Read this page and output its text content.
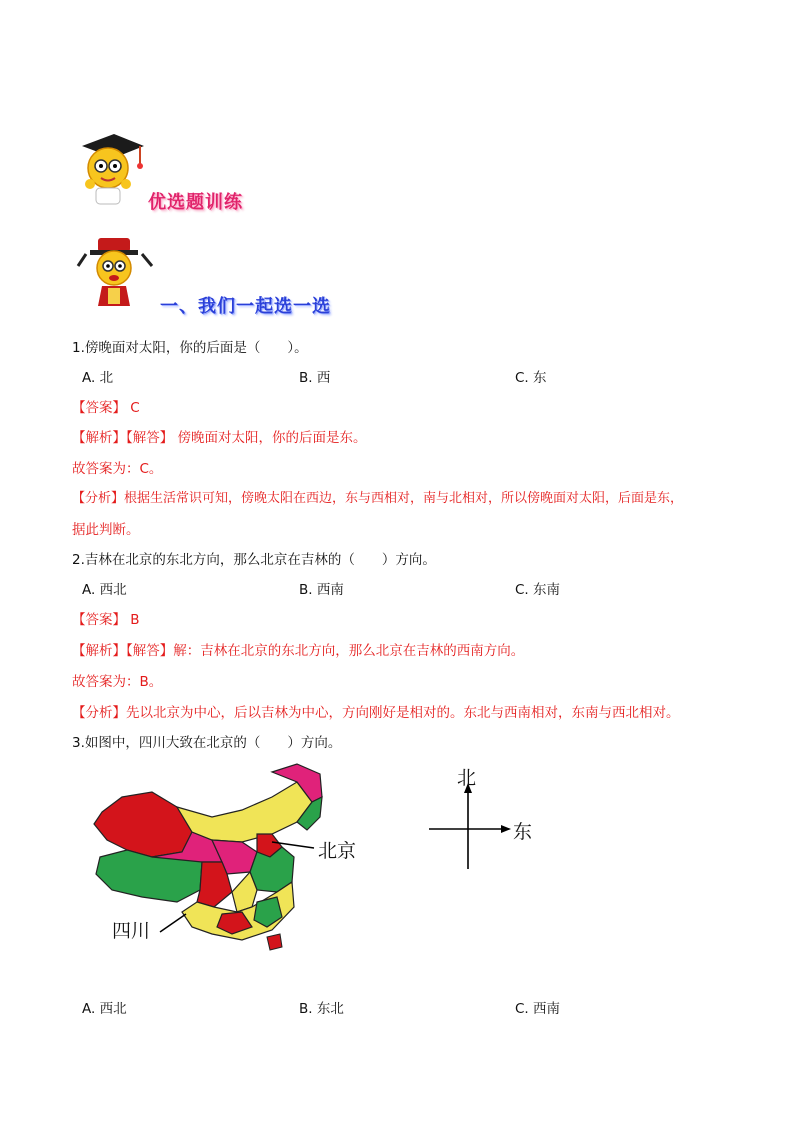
优选题训练
一、我们一起选一选
1.傍晚面对太阳，你的后面是（　　）。
A. 北	B. 西	C. 东
【答案】 C
【解析】【解答】 傍晚面对太阳，你的后面是东。
故答案为：C。
【分析】根据生活常识可知，傍晚太阳在西边，东与西相对，南与北相对，所以傍晚面对太阳，后面是东，
据此判断。
2.吉林在北京的东北方向，那么北京在吉林的（　　）方向。
A. 西北	B. 西南	C. 东南
【答案】 B
【解析】【解答】解：吉林在北京的东北方向，那么北京在吉林的西南方向。
故答案为：B。
【分析】先以北京为中心，后以吉林为中心，方向刚好是相对的。东北与西南相对，东南与西北相对。
3.如图中，四川大致在北京的（　　）方向。
北京
四川
北
东
A. 西北	B. 东北	C. 西南
